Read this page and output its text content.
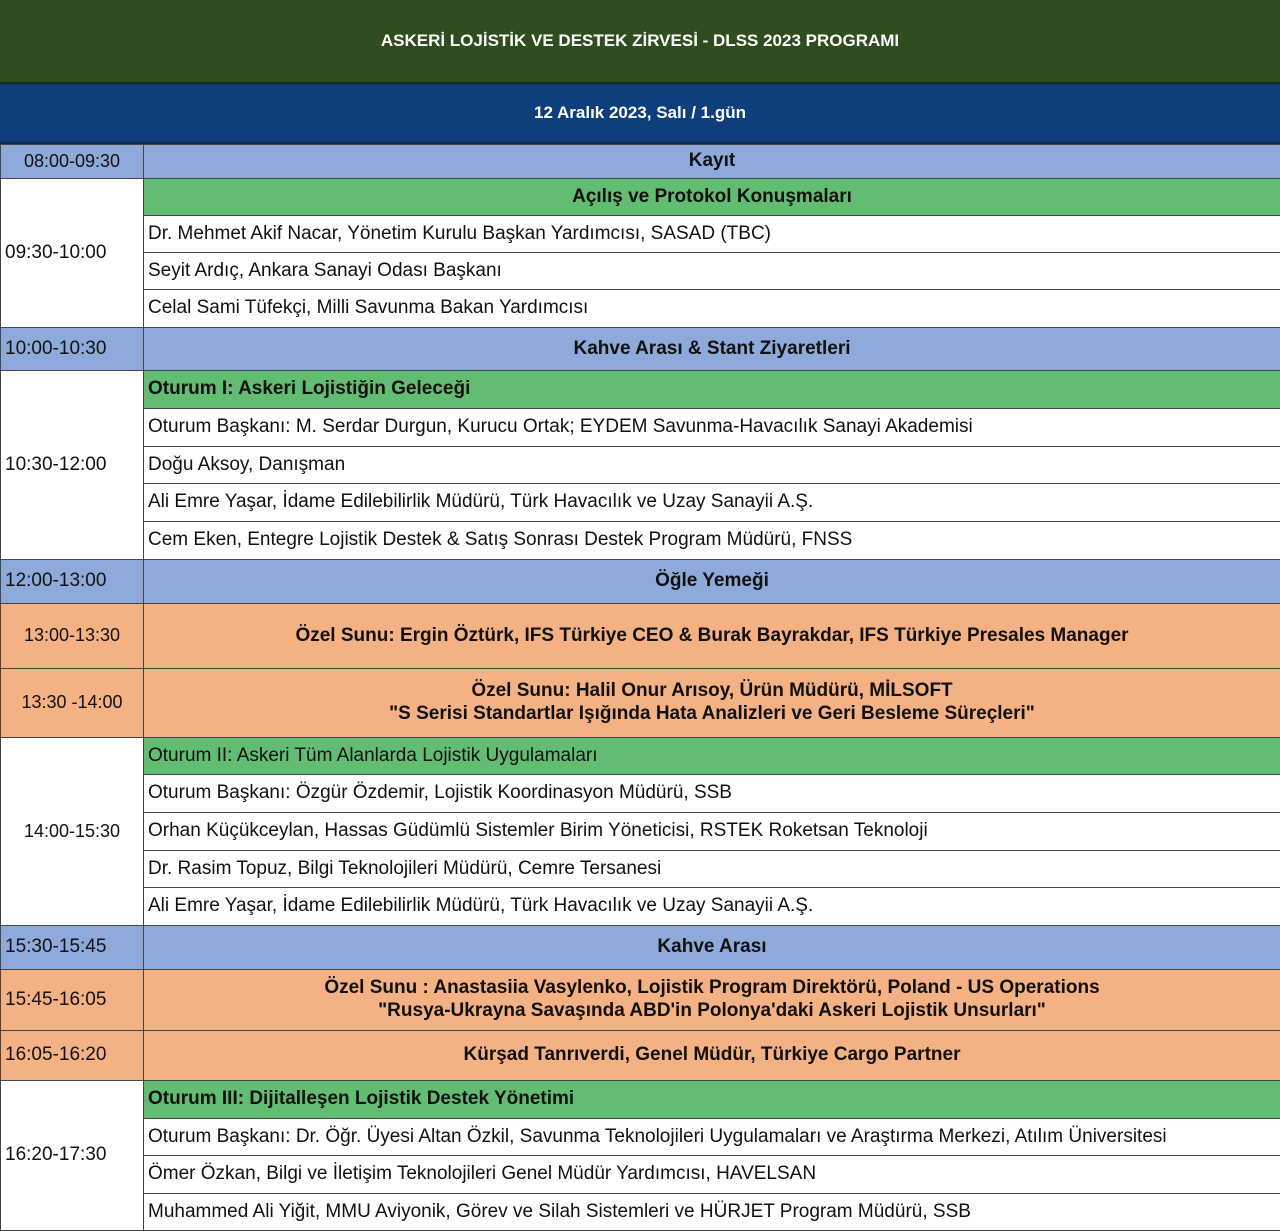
ASKERİ LOJİSTİK VE DESTEK ZİRVESİ - DLSS 2023 PROGRAMI
12 Aralık 2023, Salı / 1.gün
08:00-09:30	Kayıt
09:30-10:00	Açılış ve Protokol Konuşmaları
	Dr. Mehmet Akif Nacar, Yönetim Kurulu Başkan Yardımcısı, SASAD (TBC)
	Seyit Ardıç, Ankara Sanayi Odası Başkanı
	Celal Sami Tüfekçi, Milli Savunma Bakan Yardımcısı
10:00-10:30	Kahve Arası & Stant Ziyaretleri
10:30-12:00	Oturum I: Askeri Lojistiğin Geleceği
	Oturum Başkanı: M. Serdar Durgun, Kurucu Ortak; EYDEM Savunma-Havacılık Sanayi Akademisi
	Doğu Aksoy, Danışman
	Ali Emre Yaşar, İdame Edilebilirlik Müdürü, Türk Havacılık ve Uzay Sanayii A.Ş.
	Cem Eken, Entegre Lojistik Destek & Satış Sonrası Destek Program Müdürü, FNSS
12:00-13:00	Öğle Yemeği
13:00-13:30	Özel Sunu: Ergin Öztürk, IFS Türkiye CEO & Burak Bayrakdar, IFS Türkiye Presales Manager
13:30 -14:00	Özel Sunu: Halil Onur Arısoy, Ürün Müdürü, MİLSOFT
"S Serisi Standartlar Işığında Hata Analizleri ve Geri Besleme Süreçleri"

14:00-15:30	Oturum II: Askeri Tüm Alanlarda Lojistik Uygulamaları
	Oturum Başkanı: Özgür Özdemir, Lojistik Koordinasyon Müdürü, SSB
	Orhan Küçükceylan, Hassas Güdümlü Sistemler Birim Yöneticisi, RSTEK Roketsan Teknoloji
	Dr. Rasim Topuz, Bilgi Teknolojileri Müdürü, Cemre Tersanesi
	Ali Emre Yaşar, İdame Edilebilirlik Müdürü, Türk Havacılık ve Uzay Sanayii A.Ş.
15:30-15:45	Kahve Arası
15:45-16:05	Özel Sunu : Anastasiia Vasylenko, Lojistik Program Direktörü, Poland - US Operations
"Rusya-Ukrayna Savaşında ABD'in Polonya'daki Askeri Lojistik Unsurları"

16:05-16:20	Kürşad Tanrıverdi, Genel Müdür, Türkiye Cargo Partner
16:20-17:30	Oturum III: Dijitalleşen Lojistik Destek Yönetimi
	Oturum Başkanı: Dr. Öğr. Üyesi Altan Özkil, Savunma Teknolojileri Uygulamaları ve Araştırma Merkezi, Atılım Üniversitesi
	Ömer Özkan, Bilgi ve İletişim Teknolojileri Genel Müdür Yardımcısı, HAVELSAN
	Muhammed Ali Yiğit, MMU Aviyonik, Görev ve Silah Sistemleri ve HÜRJET Program Müdürü, SSB
